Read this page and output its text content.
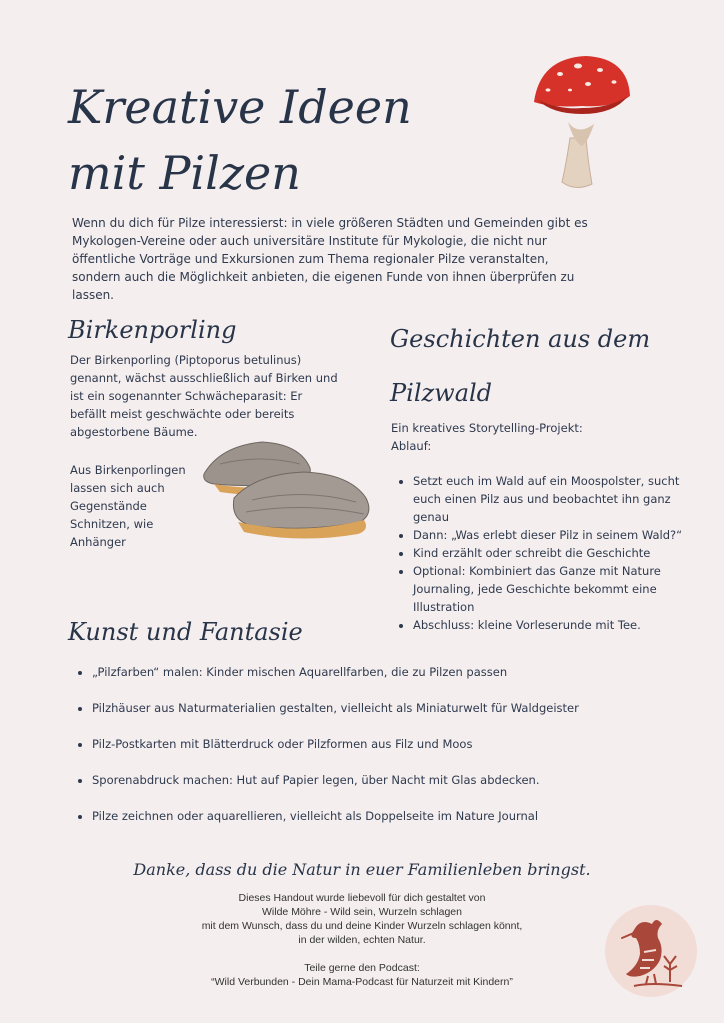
Kreative Ideen mit Pilzen

Wenn du dich für Pilze interessierst: in viele größeren Städten und Gemeinden gibt es Mykologen-Vereine oder auch universitäre Institute für Mykologie, die nicht nur öffentliche Vorträge und Exkursionen zum Thema regionaler Pilze veranstalten, sondern auch die Möglichkeit anbieten, die eigenen Funde von ihnen überprüfen zu lassen.

Birkenporling

Der Birkenporling (Piptoporus betulinus) genannt, wächst ausschließlich auf Birken und ist ein sogenannter Schwächeparasit: Er befällt meist geschwächte oder bereits abgestorbene Bäume.

Aus Birkenporlingen lassen sich auch Gegenstände Schnitzen, wie Anhänger

Geschichten aus dem Pilzwald

Ein kreatives Storytelling-Projekt:
Ablauf:

• Setzt euch im Wald auf ein Moospolster, sucht euch einen Pilz aus und beobachtet ihn ganz genau
• Dann: „Was erlebt dieser Pilz in seinem Wald?“
• Kind erzählt oder schreibt die Geschichte
• Optional: Kombiniert das Ganze mit Nature Journaling, jede Geschichte bekommt eine Illustration
• Abschluss: kleine Vorleserunde mit Tee.
Kunst und Fantasie
• „Pilzfarben“ malen: Kinder mischen Aquarellfarben, die zu Pilzen passen
• Pilzhäuser aus Naturmaterialien gestalten, vielleicht als Miniaturwelt für Waldgeister
• Pilz-Postkarten mit Blätterdruck oder Pilzformen aus Filz und Moos
• Sporenabdruck machen: Hut auf Papier legen, über Nacht mit Glas abdecken.
• Pilze zeichnen oder aquarellieren, vielleicht als Doppelseite im Nature Journal

Danke, dass du die Natur in euer Familienleben bringst.

Dieses Handout wurde liebevoll für dich gestaltet von
Wilde Möhre - Wild sein, Wurzeln schlagen
mit dem Wunsch, dass du und deine Kinder Wurzeln schlagen könnt,
in der wilden, echten Natur.
Teile gerne den Podcast:
“Wild Verbunden - Dein Mama-Podcast für Naturzeit mit Kindern”
